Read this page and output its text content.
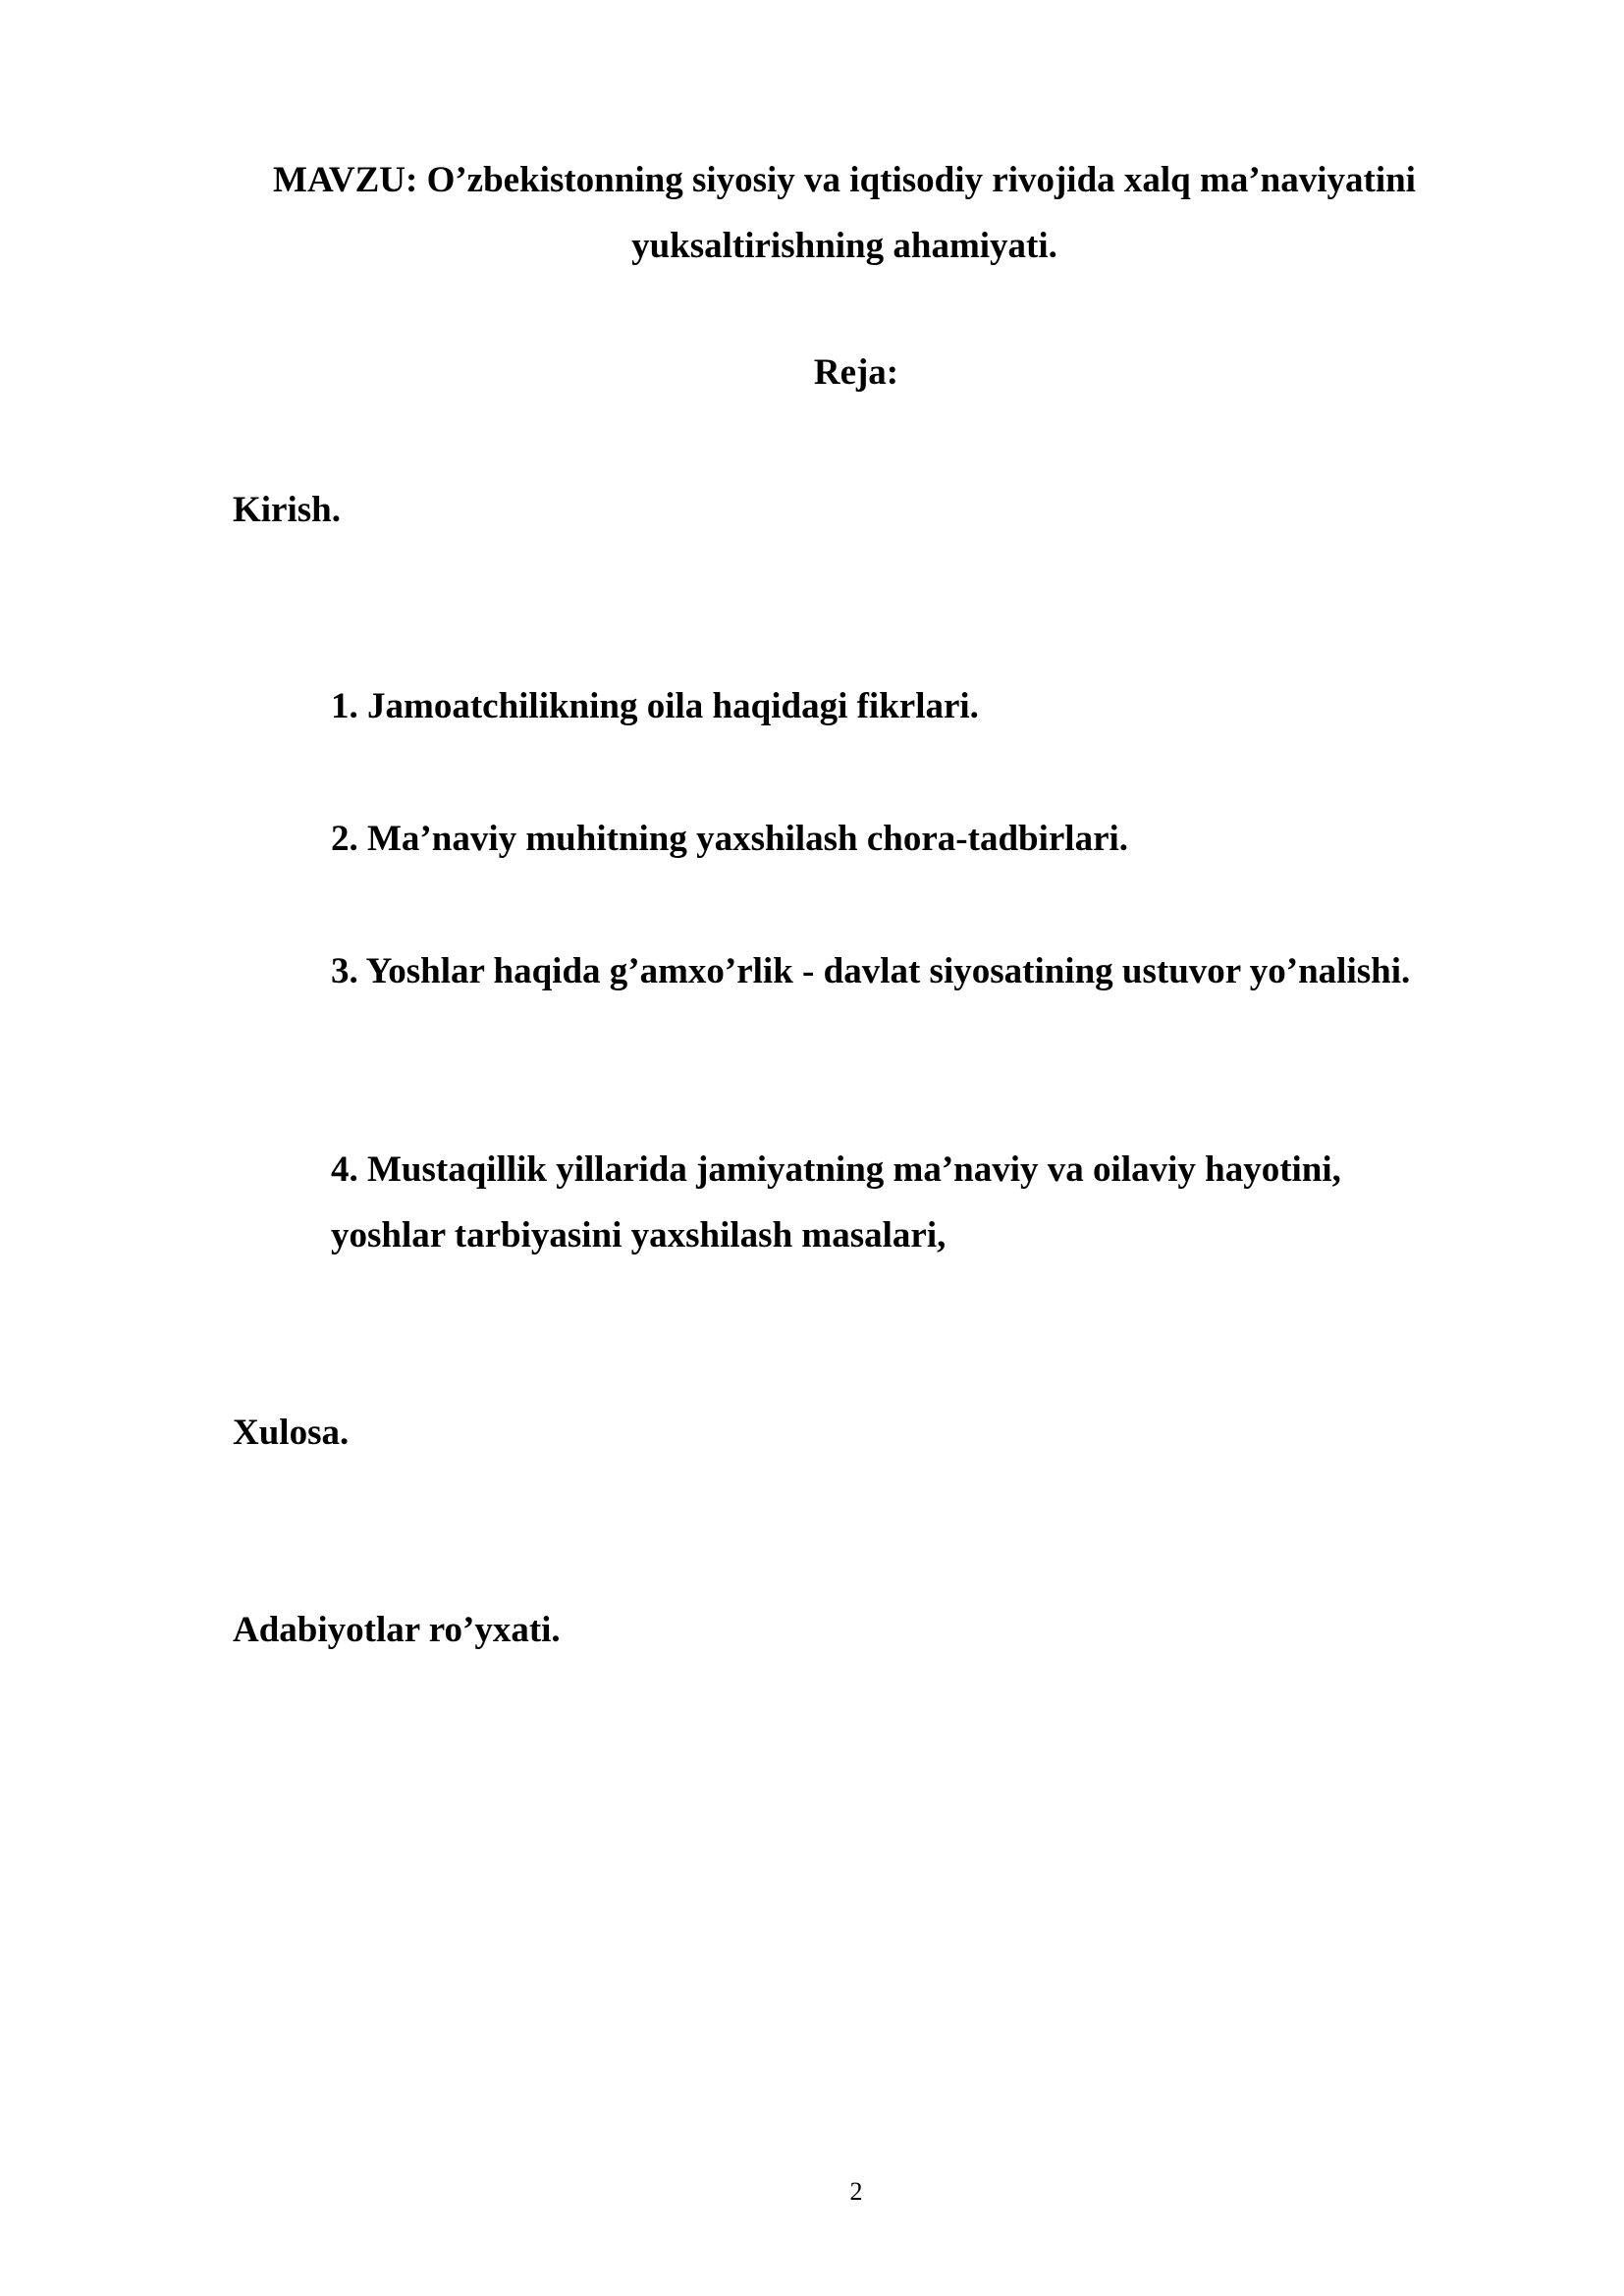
MAVZU: O’zbekistonning siyosiy va iqtisodiy rivojida xalq ma’naviyatini yuksaltirishning ahamiyati.
Reja:
Kirish.
1. Jamoatchilikning oila haqidagi fikrlari.
2. Ma’naviy muhitning yaxshilash chora-tadbirlari.
3. Yoshlar haqida g’amxo’rlik - davlat siyosatining ustuvor yo’nalishi.
4. Mustaqillik yillarida jamiyatning ma’naviy va oilaviy hayotini, yoshlar tarbiyasini yaxshilash masalari,
Xulosa.
Adabiyotlar ro’yxati.
2
